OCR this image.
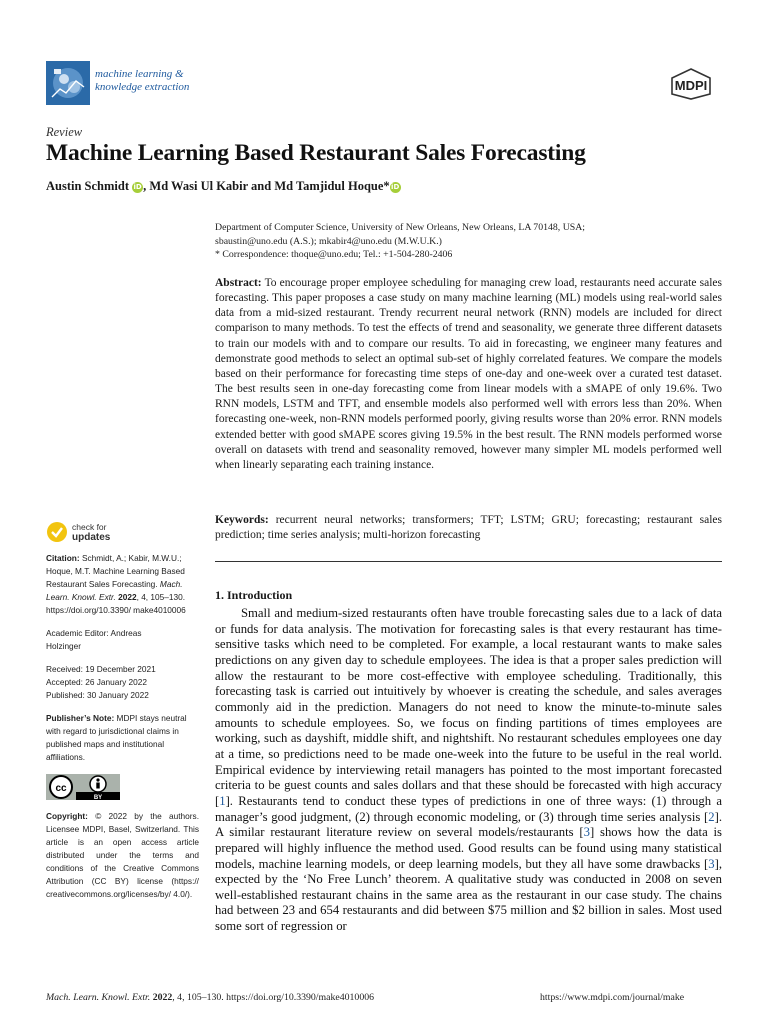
machine learning &
knowledge extraction	MDPI
Review
Machine Learning Based Restaurant Sales Forecasting
Austin Schmidt iD, Md Wasi Ul Kabir and Md Tamjidul Hoque*iD
Department of Computer Science, University of New Orleans, New Orleans, LA 70148, USA;
sbaustin@uno.edu (A.S.); mkabir4@uno.edu (M.W.U.K.)
* Correspondence: thoque@uno.edu; Tel.: +1-504-280-2406
Abstract: To encourage proper employee scheduling for managing crew load, restaurants need accurate sales forecasting. This paper proposes a case study on many machine learning (ML) models using real-world sales data from a mid-sized restaurant. Trendy recurrent neural network (RNN) models are included for direct comparison to many methods. To test the effects of trend and seasonality, we generate three different datasets to train our models with and to compare our results. To aid in forecasting, we engineer many features and demonstrate good methods to select an optimal sub-set of highly correlated features. We compare the models based on their performance for forecasting time steps of one-day and one-week over a curated test dataset. The best results seen in one-day forecasting come from linear models with a sMAPE of only 19.6%. Two RNN models, LSTM and TFT, and ensemble models also performed well with errors less than 20%. When forecasting one-week, non-RNN models performed poorly, giving results worse than 20% error. RNN models extended better with good sMAPE scores giving 19.5% in the best result. The RNN models performed worse overall on datasets with trend and seasonality removed, however many simpler ML models performed well when linearly separating each training instance.
Keywords: recurrent neural networks; transformers; TFT; LSTM; GRU; forecasting; restaurant sales prediction; time series analysis; multi-horizon forecasting
1. Introduction
Small and medium-sized restaurants often have trouble forecasting sales due to a lack of data or funds for data analysis. The motivation for forecasting sales is that every restaurant has time-sensitive tasks which need to be completed. For example, a local restaurant wants to make sales predictions on any given day to schedule employees. The idea is that a proper sales prediction will allow the restaurant to be more cost-effective with employee scheduling. Traditionally, this forecasting task is carried out intuitively by whoever is creating the schedule, and sales averages commonly aid in the prediction. Managers do not need to know the minute-to-minute sales amounts to schedule employees. So, we focus on finding partitions of times employees are working, such as dayshift, middle shift, and nightshift. No restaurant schedules employees one day at a time, so predictions need to be made one-week into the future to be useful in the real world. Empirical evidence by interviewing retail managers has pointed to the most important forecasted criteria to be guest counts and sales dollars and that these should be forecasted with high accuracy [1]. Restaurants tend to conduct these types of predictions in one of three ways: (1) through a manager’s good judgment, (2) through economic modeling, or (3) through time series analysis [2]. A similar restaurant literature review on several models/restaurants [3] shows how the data is prepared will highly influence the method used. Good results can be found using many statistical models, machine learning models, or deep learning models, but they all have some drawbacks [3], expected by the ‘No Free Lunch’ theorem. A qualitative study was conducted in 2008 on seven well-established restaurant chains in the same area as the restaurant in our case study. The chains had between 23 and 654 restaurants and did between $75 million and $2 billion in sales. Most used some sort of regression or
check for
updates
Citation: Schmidt, A.; Kabir, M.W.U.; Hoque, M.T. Machine Learning Based Restaurant Sales Forecasting. Mach. Learn. Knowl. Extr. 2022, 4, 105–130. https://doi.org/10.3390/ make4010006
Academic Editor: Andreas
Holzinger
Received: 19 December 2021
Accepted: 26 January 2022
Published: 30 January 2022
Publisher’s Note: MDPI stays neutral with regard to jurisdictional claims in published maps and institutional affiliations.
cc
BY
Copyright: © 2022 by the authors. Licensee MDPI, Basel, Switzerland. This article is an open access article distributed under the terms and conditions of the Creative Commons Attribution (CC BY) license (https:// creativecommons.org/licenses/by/ 4.0/).
Mach. Learn. Knowl. Extr. 2022, 4, 105–130. https://doi.org/10.3390/make4010006	https://www.mdpi.com/journal/make
